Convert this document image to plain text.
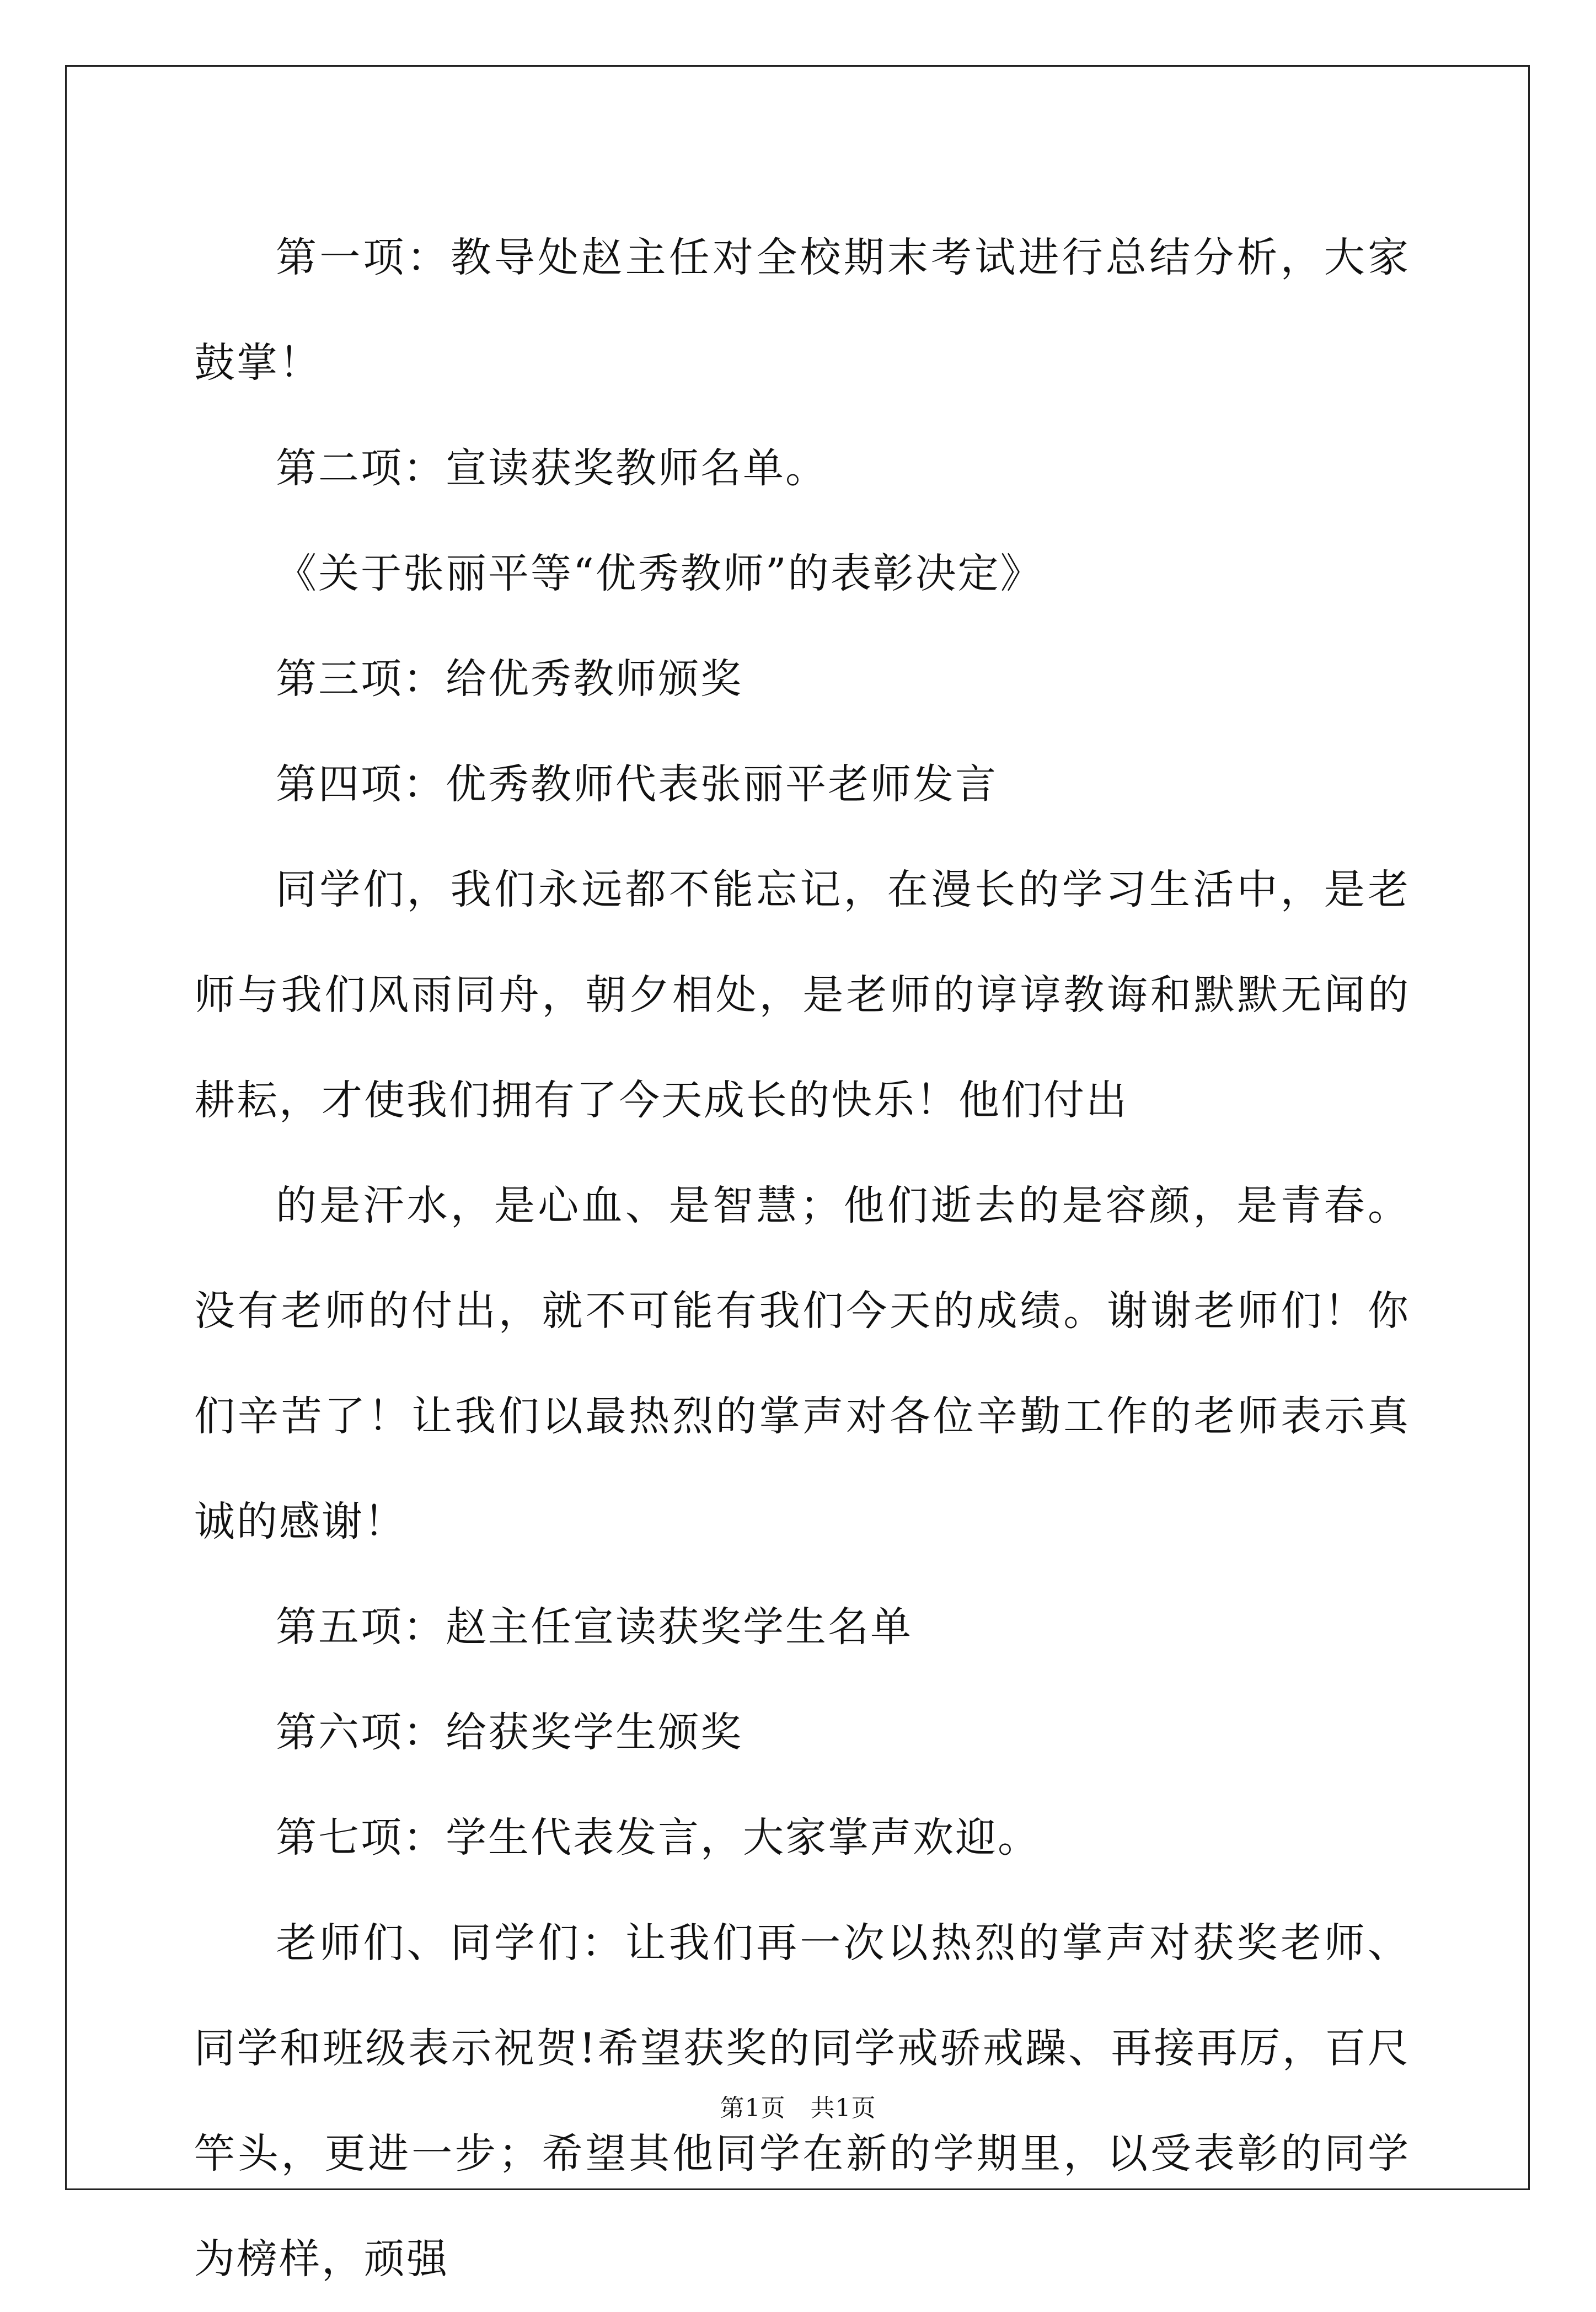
第一项：教导处赵主任对全校期末考试进行总结分析，大家鼓掌！

第二项：宣读获奖教师名单。

《关于张丽平等“优秀教师”的表彰决定》

第三项：给优秀教师颁奖

第四项：优秀教师代表张丽平老师发言

同学们，我们永远都不能忘记，在漫长的学习生活中，是老师与我们风雨同舟，朝夕相处，是老师的谆谆教诲和默默无闻的耕耘，才使我们拥有了今天成长的快乐！他们付出

的是汗水，是心血、是智慧；他们逝去的是容颜，是青春。没有老师的付出，就不可能有我们今天的成绩。谢谢老师们！你们辛苦了！让我们以最热烈的掌声对各位辛勤工作的老师表示真诚的感谢！

第五项：赵主任宣读获奖学生名单

第六项：给获奖学生颁奖

第七项：学生代表发言，大家掌声欢迎。

老师们、同学们：让我们再一次以热烈的掌声对获奖老师、同学和班级表示祝贺!希望获奖的同学戒骄戒躁、再接再厉，百尺竿头，更进一步；希望其他同学在新的学期里，以受表彰的同学为榜样，顽强

第1页　共1页
